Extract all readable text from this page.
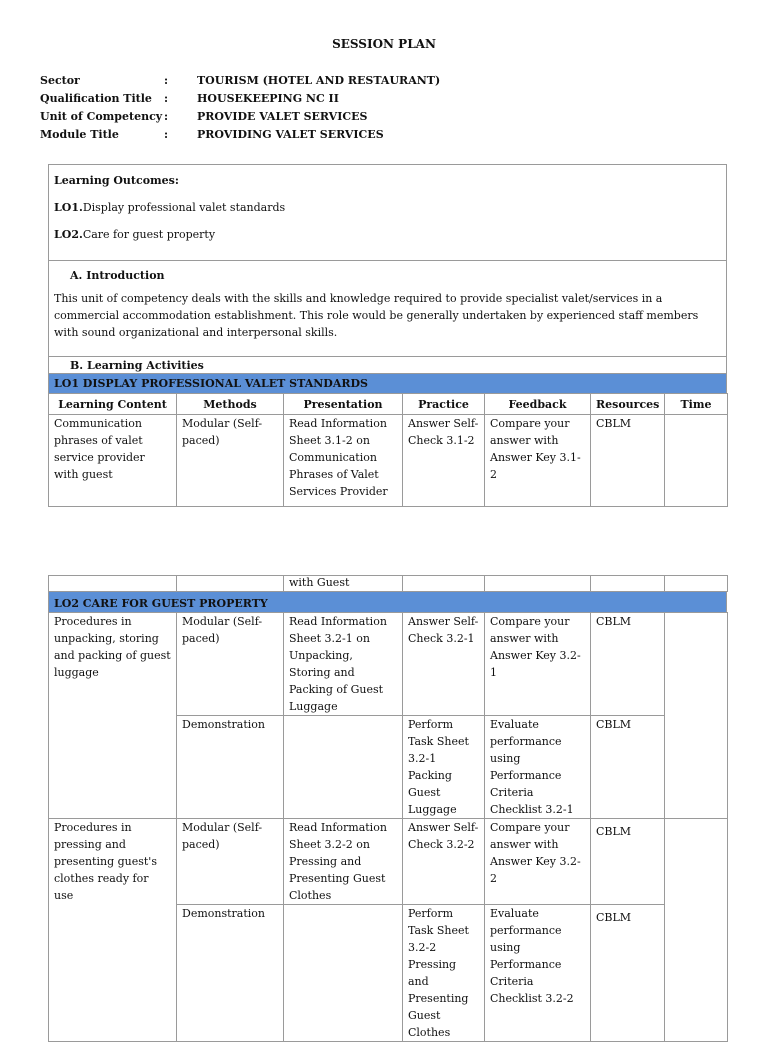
SESSION PLAN
Sector	:	TOURISM (HOTEL AND RESTAURANT)
Qualification Title :	HOUSEKEEPING NC II
Unit of Competency :	PROVIDE VALET SERVICES
Module Title	:	PROVIDING VALET SERVICES

Learning Outcomes:

LO1.Display professional valet standards

LO2.Care for guest property

A. Introduction
This unit of competency deals with the skills and knowledge required to provide specialist valet/services in a commercial accommodation establishment. This role would be generally undertaken by experienced staff members with sound organizational and interpersonal skills.
B. Learning Activities
LO1 DISPLAY PROFESSIONAL VALET STANDARDS
Learning Content	Methods	Presentation	Practice	Feedback	Resources	Time
Communication phrases of valet service provider with guest	Modular (Self-paced)	Read Information Sheet 3.1-2 on Communication Phrases of Valet Services Provider	Answer Self-Check 3.1-2	Compare your answer with Answer Key 3.1-2	CBLM	
		with Guest				
LO2 CARE FOR GUEST PROPERTY
Procedures in unpacking, storing and packing of guest luggage	Modular (Self-paced)	Read Information Sheet 3.2-1 on Unpacking, Storing and Packing of Guest Luggage	Answer Self-Check 3.2-1	Compare your answer with Answer Key 3.2-1	CBLM	
	Demonstration		Perform Task Sheet 3.2-1 Packing Guest Luggage	Evaluate performance using Performance Criteria Checklist 3.2-1	CBLM	
Procedures in pressing and presenting guest's clothes ready for use	Modular (Self-paced)	Read Information Sheet 3.2-2 on Pressing and Presenting Guest Clothes	Answer Self-Check 3.2-2	Compare your answer with Answer Key 3.2-2	CBLM	
	Demonstration		Perform Task Sheet 3.2-2 Pressing and Presenting Guest Clothes	Evaluate performance using Performance Criteria Checklist 3.2-2	CBLM	
